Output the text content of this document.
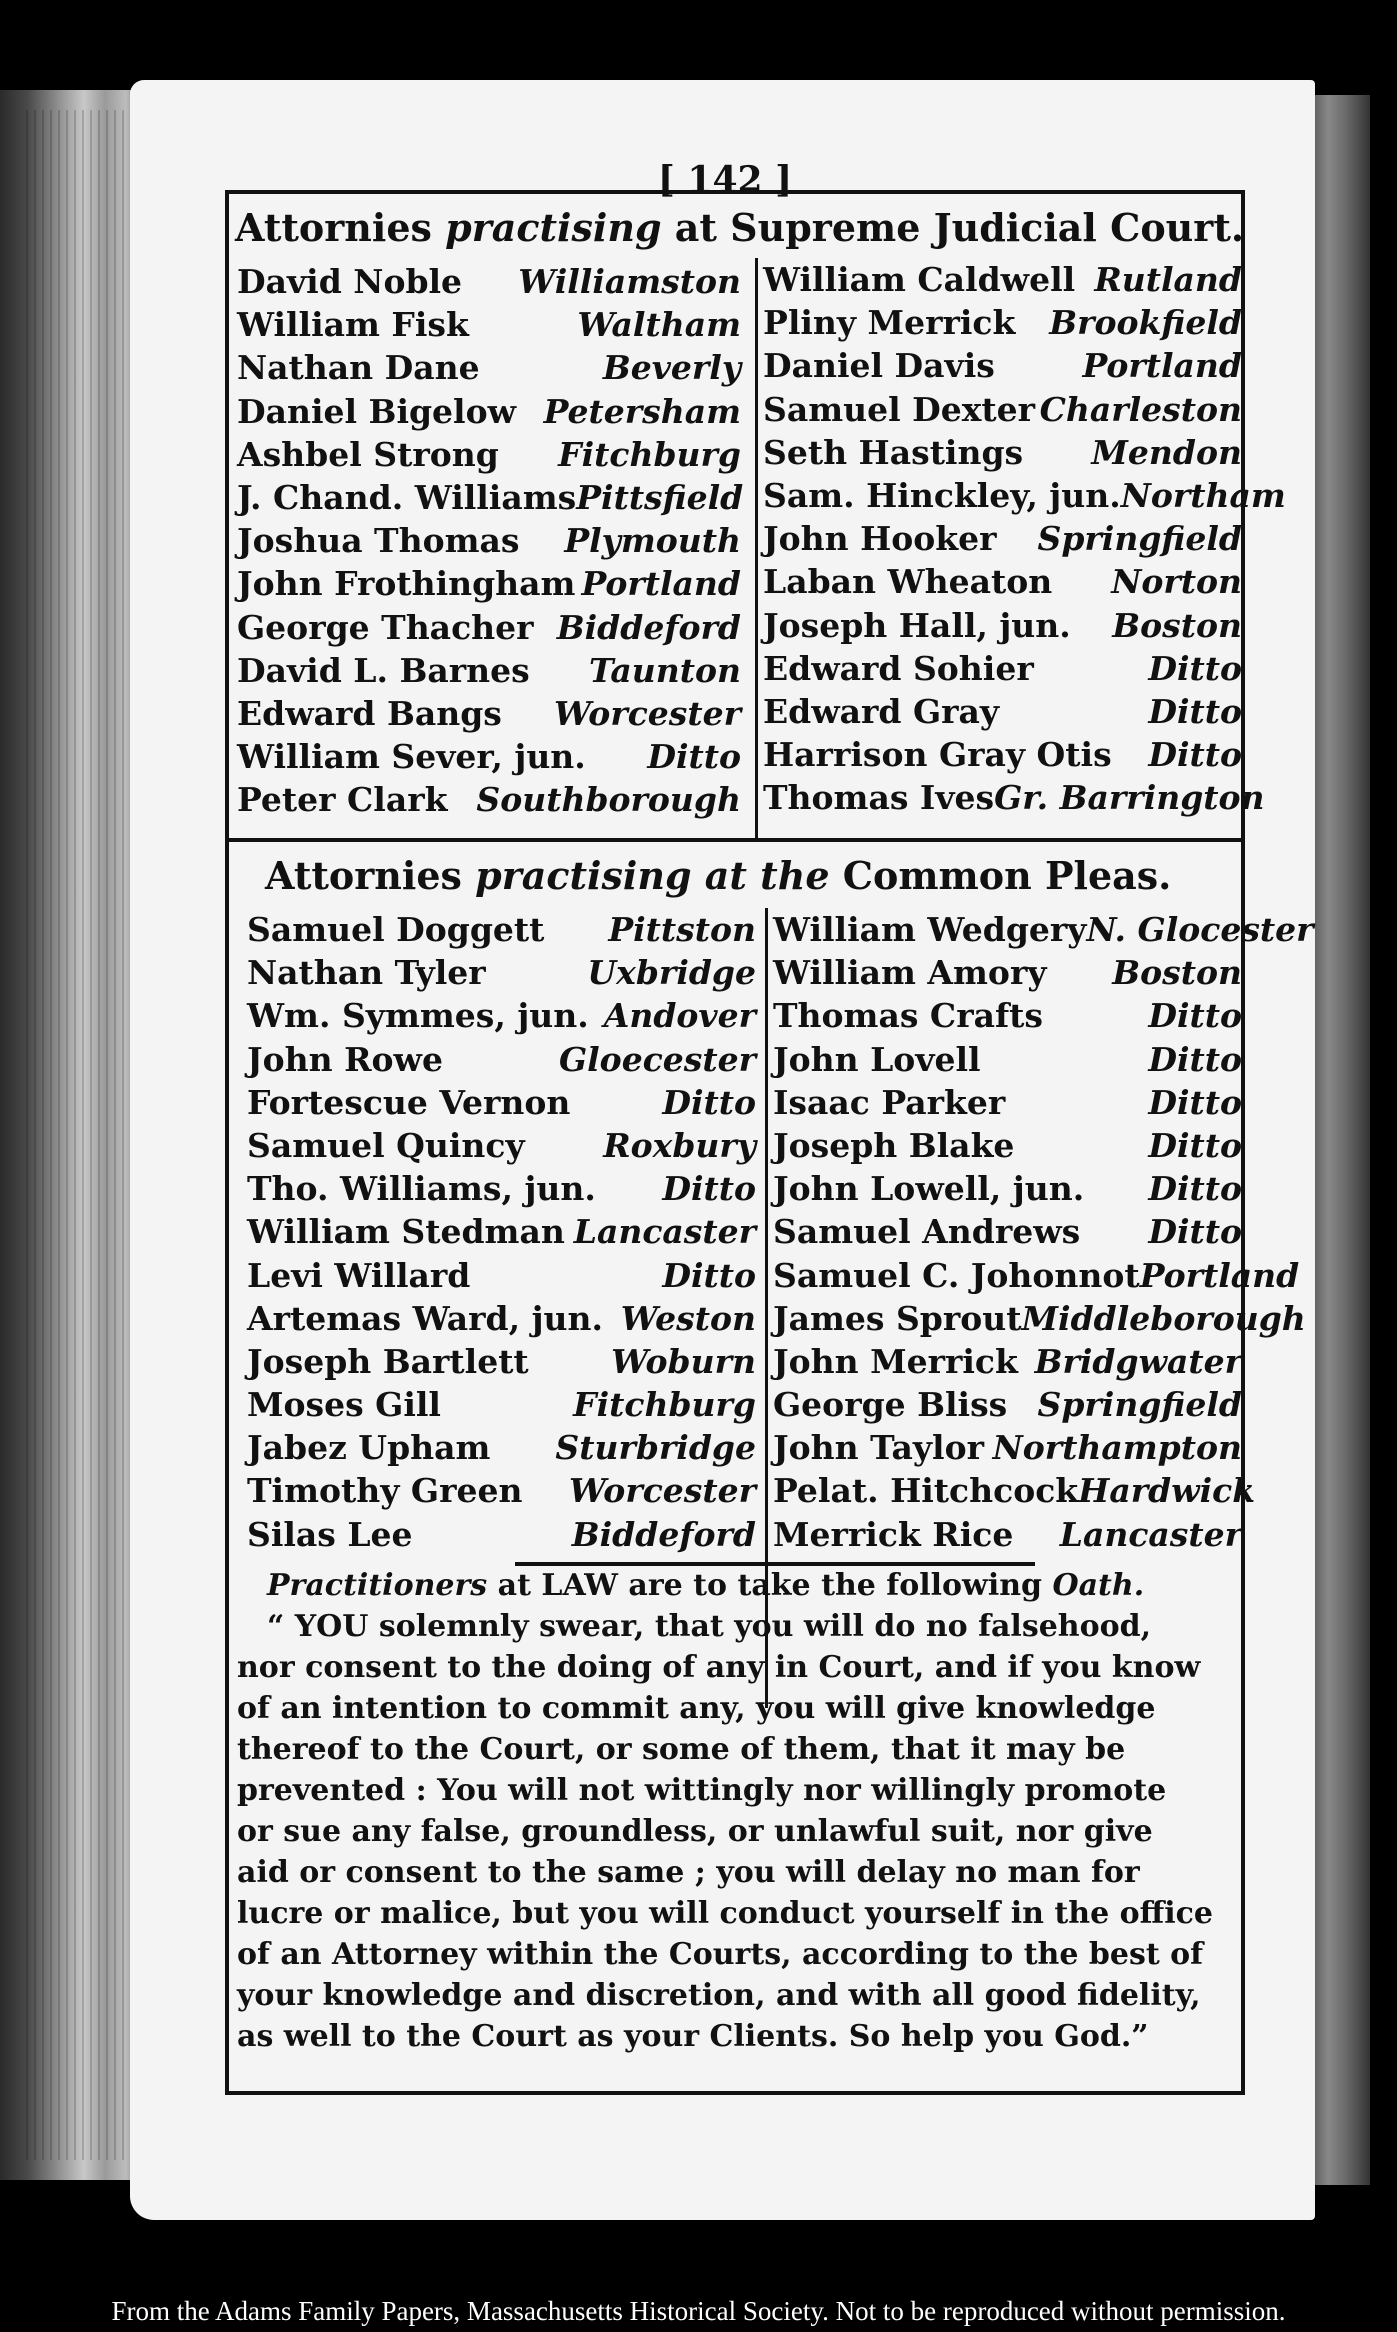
[ 142 ]
Attornies practising at Supreme Judicial Court.
David Noble Williamston
William Fisk	Waltham
Nathan Dane	Beverly
Daniel Bigelow Petersham
Ashbel Strong Fitchburg
J. Chand. Williams Pittsfield
Joshua Thomas Plymouth
John Frothingham Portland
George Thacher Biddeford
David L. Barnes Taunton
Edward Bangs Worcester
William Sever, jun. Ditto
Peter Clark Southborough
William Caldwell Rutland
Pliny Merrick Brookfield
Daniel Davis	Portland
Samuel Dexter Charleston
Seth Hastings Mendon
Sam. Hinckley, jun. Northam
John Hooker Springfield
Laban Wheaton Norton
Joseph Hall, jun. Boston
Edward Sohier	Ditto
Edward Gray	Ditto
Harrison Gray Otis Ditto
Thomas Ives Gr. Barrington
Attornies practising at the Common Pleas.
Samuel Doggett Pittston
Nathan Tyler	Uxbridge
Wm. Symmes, jun. Andover
John Rowe	Gloecester
Fortescue Vernon	Ditto
Samuel Quincy Roxbury
Tho. Williams, jun. Ditto
William Stedman Lancaster
Levi Willard	Ditto
Artemas Ward, jun. Weston
Joseph Bartlett Woburn
Moses Gill	Fitchburg
Jabez Upham Sturbridge
Timothy Green Worcester
Silas Lee	Biddeford
William Wedgery N. Glocester
William Amory Boston
Thomas Crafts	Ditto
John Lovell	Ditto
Isaac Parker	Ditto
Joseph Blake	Ditto
John Lowell, jun. Ditto
Samuel Andrews Ditto
Samuel C. Johonnot Portland
James Sprout Middleborough
John Merrick Bridgwater
George Bliss Springfield
John Taylor Northampton
Pelat. Hitchcock Hardwick
Merrick Rice Lancaster
Practitioners at LAW are to take the following Oath.
“ YOU solemnly swear, that you will do no falsehood,
nor consent to the doing of any in Court, and if you know
of an intention to commit any, you will give knowledge
thereof to the Court, or some of them, that it may be
prevented : You will not wittingly nor willingly promote
or sue any false, groundless, or unlawful suit, nor give
aid or consent to the same ; you will delay no man for
lucre or malice, but you will conduct yourself in the office
of an Attorney within the Courts, according to the best of
your knowledge and discretion, and with all good fidelity,
as well to the Court as your Clients. So help you God.”
From the Adams Family Papers, Massachusetts Historical Society. Not to be reproduced without permission.
